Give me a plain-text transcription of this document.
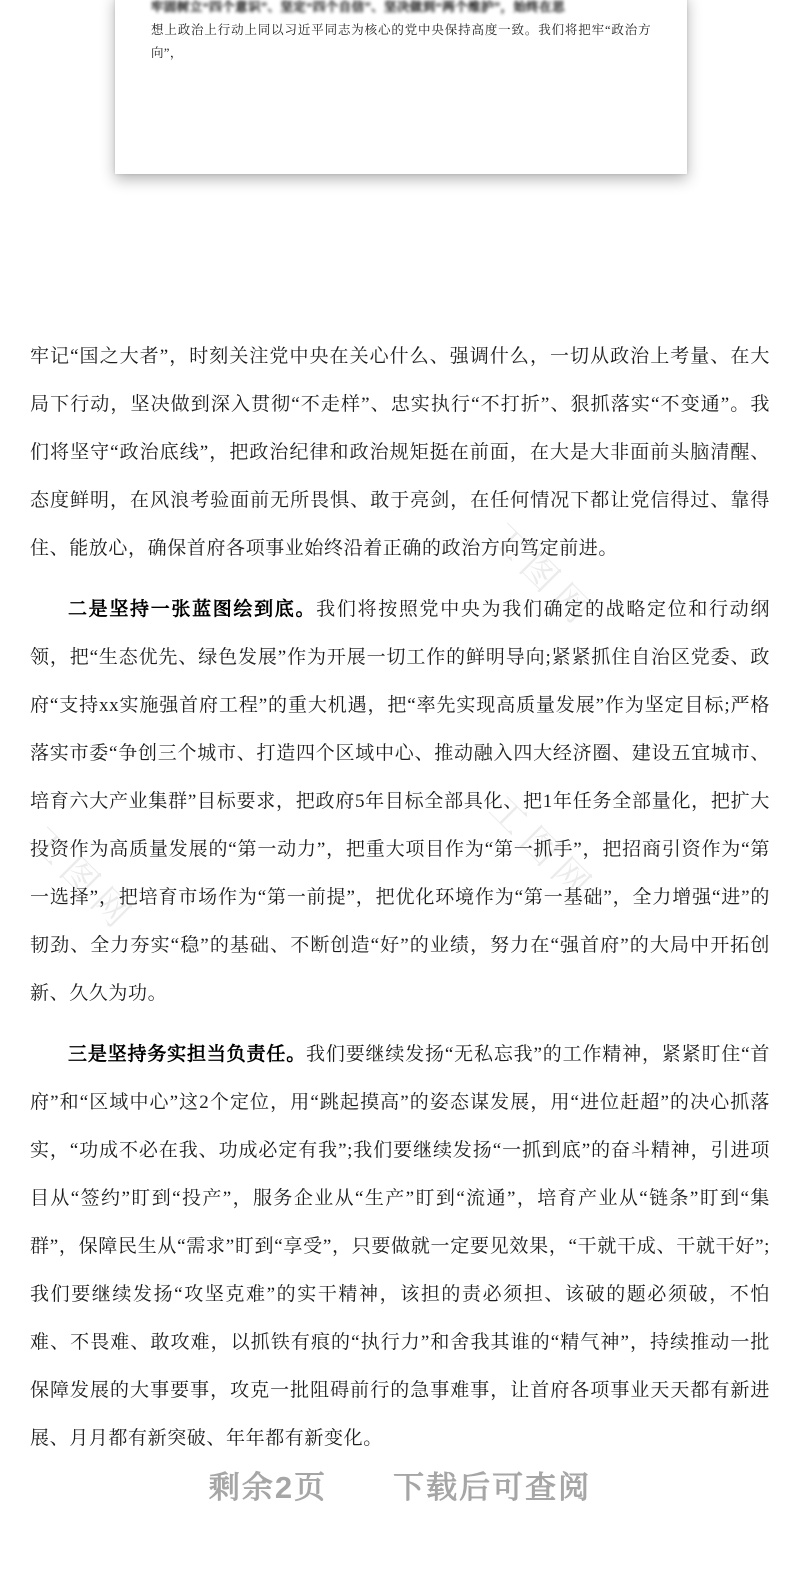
牢固树立“四个意识”、坚定“四个自信”、坚决做到“两个维护”，始终在思
想上政治上行动上同以习近平同志为核心的党中央保持高度一致。我们将把牢“政治方向”，
工图网
工图网
工图网

牢记“国之大者”，时刻关注党中央在关心什么、强调什么，一切从政治上考量、在大局下行动，坚决做到深入贯彻“不走样”、忠实执行“不打折”、狠抓落实“不变通”。我们将坚守“政治底线”，把政治纪律和政治规矩挺在前面，在大是大非面前头脑清醒、态度鲜明，在风浪考验面前无所畏惧、敢于亮剑，在任何情况下都让党信得过、靠得住、能放心，确保首府各项事业始终沿着正确的政治方向笃定前进。

二是坚持一张蓝图绘到底。我们将按照党中央为我们确定的战略定位和行动纲领，把“生态优先、绿色发展”作为开展一切工作的鲜明导向;紧紧抓住自治区党委、政府“支持xx实施强首府工程”的重大机遇，把“率先实现高质量发展”作为坚定目标;严格落实市委“争创三个城市、打造四个区域中心、推动融入四大经济圈、建设五宜城市、培育六大产业集群”目标要求，把政府5年目标全部具化、把1年任务全部量化，把扩大投资作为高质量发展的“第一动力”，把重大项目作为“第一抓手”，把招商引资作为“第一选择”，把培育市场作为“第一前提”，把优化环境作为“第一基础”，全力增强“进”的韧劲、全力夯实“稳”的基础、不断创造“好”的业绩，努力在“强首府”的大局中开拓创新、久久为功。

三是坚持务实担当负责任。我们要继续发扬“无私忘我”的工作精神，紧紧盯住“首府”和“区域中心”这2个定位，用“跳起摸高”的姿态谋发展，用“进位赶超”的决心抓落实，“功成不必在我、功成必定有我”;我们要继续发扬“一抓到底”的奋斗精神，引进项目从“签约”盯到“投产”，服务企业从“生产”盯到“流通”，培育产业从“链条”盯到“集群”，保障民生从“需求”盯到“享受”，只要做就一定要见效果，“干就干成、干就干好”;我们要继续发扬“攻坚克难”的实干精神，该担的责必须担、该破的题必须破，不怕难、不畏难、敢攻难，以抓铁有痕的“执行力”和舍我其谁的“精气神”，持续推动一批保障发展的大事要事，攻克一批阻碍前行的急事难事，让首府各项事业天天都有新进展、月月都有新突破、年年都有新变化。

剩余2页　　下载后可查阅
